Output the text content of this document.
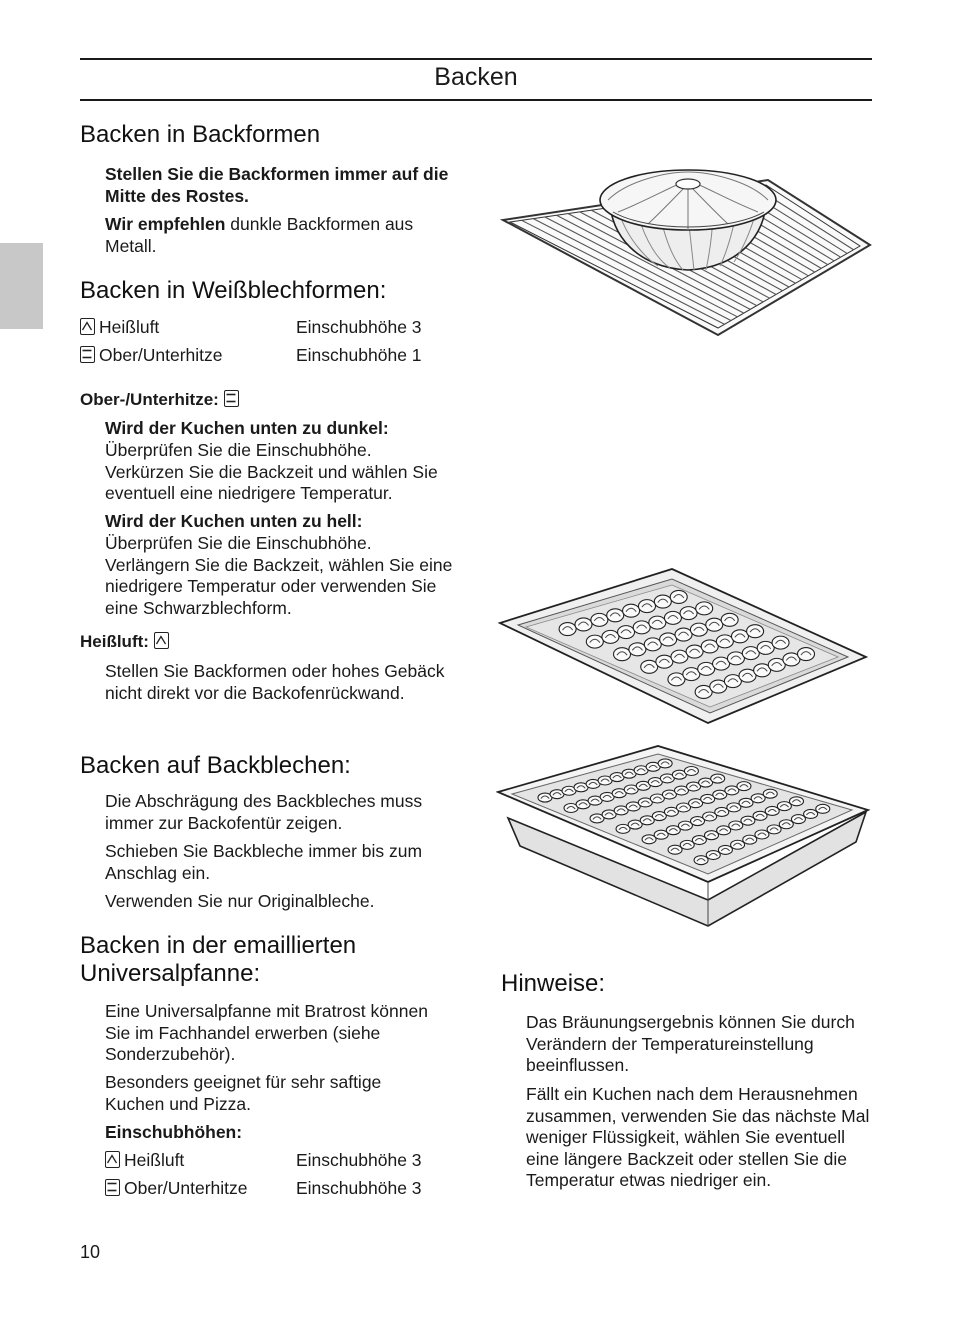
Backen
Backen in Backformen
Stellen Sie die Backformen immer auf die Mitte des Rostes.
Wir empfehlen dunkle Backformen aus Metall.
Backen in Weißblechformen:
Heißluft	Einschubhöhe 3
Ober/Unterhitze	Einschubhöhe 1
Ober-/Unterhitze:
Wird der Kuchen unten zu dunkel:
Überprüfen Sie die Einschubhöhe. Verkürzen Sie die Backzeit und wählen Sie eventuell eine niedrigere Temperatur.
Wird der Kuchen unten zu hell:
Überprüfen Sie die Einschubhöhe. Verlängern Sie die Backzeit, wählen Sie eine niedrigere Temperatur oder verwenden Sie eine Schwarzblechform.
Heißluft:
Stellen Sie Backformen oder hohes Gebäck nicht direkt vor die Backofenrückwand.
Backen auf Backblechen:
Die Abschrägung des Backbleches muss immer zur Backofentür zeigen.
Schieben Sie Backbleche immer bis zum Anschlag ein.
Verwenden Sie nur Originalbleche.
Backen in der emaillierten
Universalpfanne:
Eine Universalpfanne mit Bratrost können Sie im Fachhandel erwerben (siehe Sonderzubehör).
Besonders geeignet für sehr saftige Kuchen und Pizza.
Einschubhöhen:
Heißluft	Einschubhöhe 3
Ober/Unterhitze	Einschubhöhe 3
Hinweise:
Das Bräunungsergebnis können Sie durch Verändern der Temperatureinstellung beeinflussen.
Fällt ein Kuchen nach dem Herausnehmen zusammen, verwenden Sie das nächste Mal weniger Flüssigkeit, wählen Sie eventuell eine längere Backzeit oder stellen Sie die Temperatur etwas niedriger ein.
10
